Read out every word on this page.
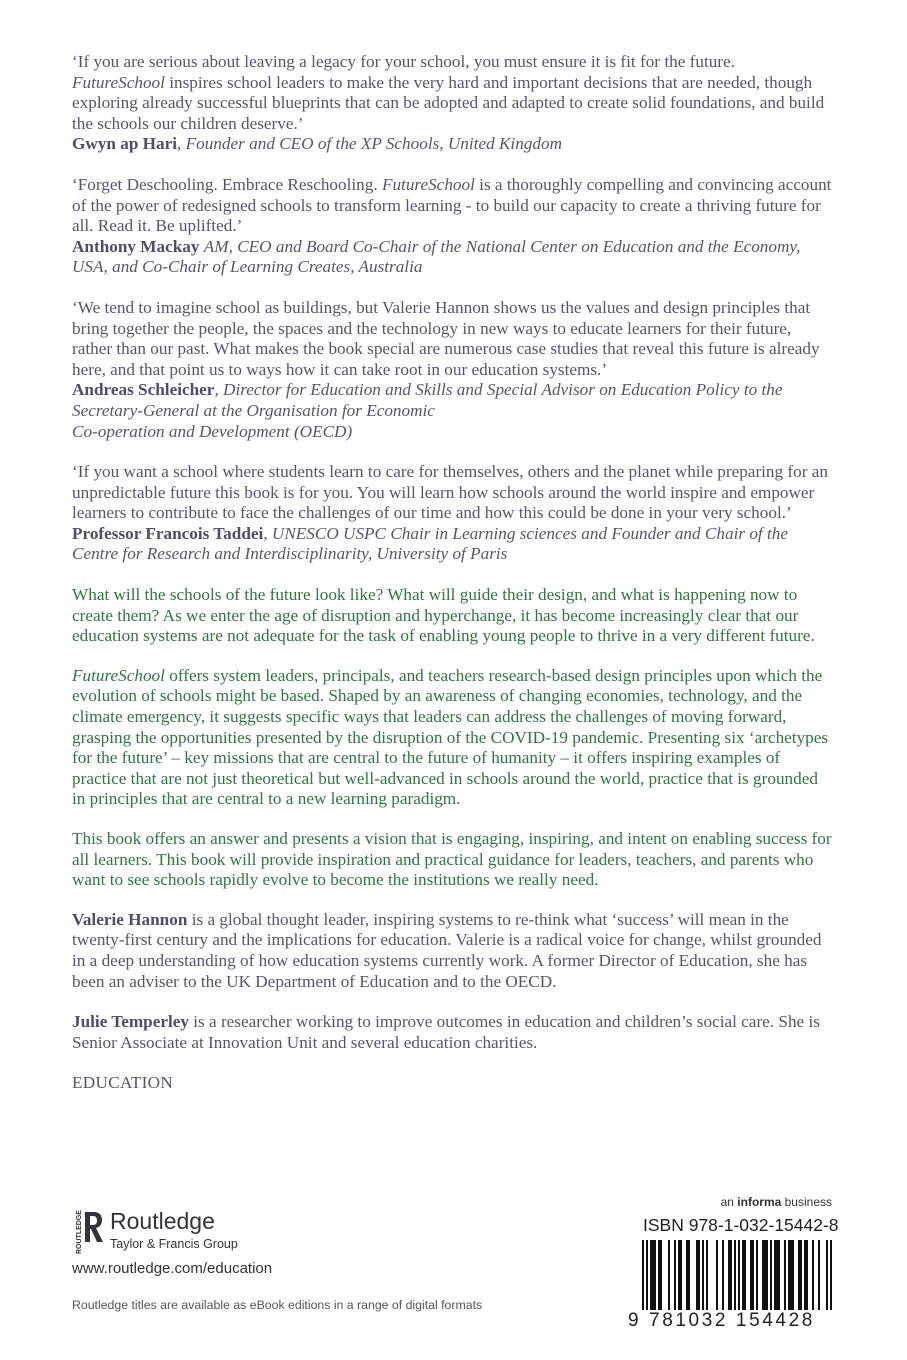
‘If you are serious about leaving a legacy for your school, you must ensure it is fit for the future. FutureSchool inspires school leaders to make the very hard and important decisions that are needed, though exploring already successful blueprints that can be adopted and adapted to create solid foundations, and build the schools our children deserve.’
Gwyn ap Hari, Founder and CEO of the XP Schools, United Kingdom
‘Forget Deschooling. Embrace Reschooling. FutureSchool is a thoroughly compelling and convincing account of the power of redesigned schools to transform learning - to build our capacity to create a thriving future for all. Read it. Be uplifted.’
Anthony Mackay AM, CEO and Board Co-Chair of the National Center on Education and the Economy, USA, and Co-Chair of Learning Creates, Australia
‘We tend to imagine school as buildings, but Valerie Hannon shows us the values and design principles that bring together the people, the spaces and the technology in new ways to educate learners for their future, rather than our past. What makes the book special are numerous case studies that reveal this future is already here, and that point us to ways how it can take root in our education systems.’
Andreas Schleicher, Director for Education and Skills and Special Advisor on Education Policy to the Secretary-General at the Organisation for Economic
Co-operation and Development (OECD)
‘If you want a school where students learn to care for themselves, others and the planet while preparing for an unpredictable future this book is for you. You will learn how schools around the world inspire and empower learners to contribute to face the challenges of our time and how this could be done in your very school.’
Professor Francois Taddei, UNESCO USPC Chair in Learning sciences and Founder and Chair of the Centre for Research and Interdisciplinarity, University of Paris
What will the schools of the future look like? What will guide their design, and what is happening now to create them? As we enter the age of disruption and hyperchange, it has become increasingly clear that our education systems are not adequate for the task of enabling young people to thrive in a very different future.
FutureSchool offers system leaders, principals, and teachers research-based design principles upon which the evolution of schools might be based. Shaped by an awareness of changing economies, technology, and the climate emergency, it suggests specific ways that leaders can address the challenges of moving forward, grasping the opportunities presented by the disruption of the COVID-19 pandemic. Presenting six ‘archetypes for the future’ – key missions that are central to the future of humanity – it offers inspiring examples of practice that are not just theoretical but well-advanced in schools around the world, practice that is grounded in principles that are central to a new learning paradigm.
This book offers an answer and presents a vision that is engaging, inspiring, and intent on enabling success for all learners. This book will provide inspiration and practical guidance for leaders, teachers, and parents who want to see schools rapidly evolve to become the institutions we really need.
Valerie Hannon is a global thought leader, inspiring systems to re-think what ‘success’ will mean in the twenty-first century and the implications for education. Valerie is a radical voice for change, whilst grounded in a deep understanding of how education systems currently work. A former Director of Education, she has been an adviser to the UK Department of Education and to the OECD.
Julie Temperley is a researcher working to improve outcomes in education and children’s social care. She is Senior Associate at Innovation Unit and several education charities.
EDUCATION
ROUTLEDGE Routledge
Taylor & Francis Group
www.routledge.com/education
Routledge titles are available as eBook editions in a range of digital formats
an informa business
ISBN 978-1-032-15442-8
9 781032 154428
